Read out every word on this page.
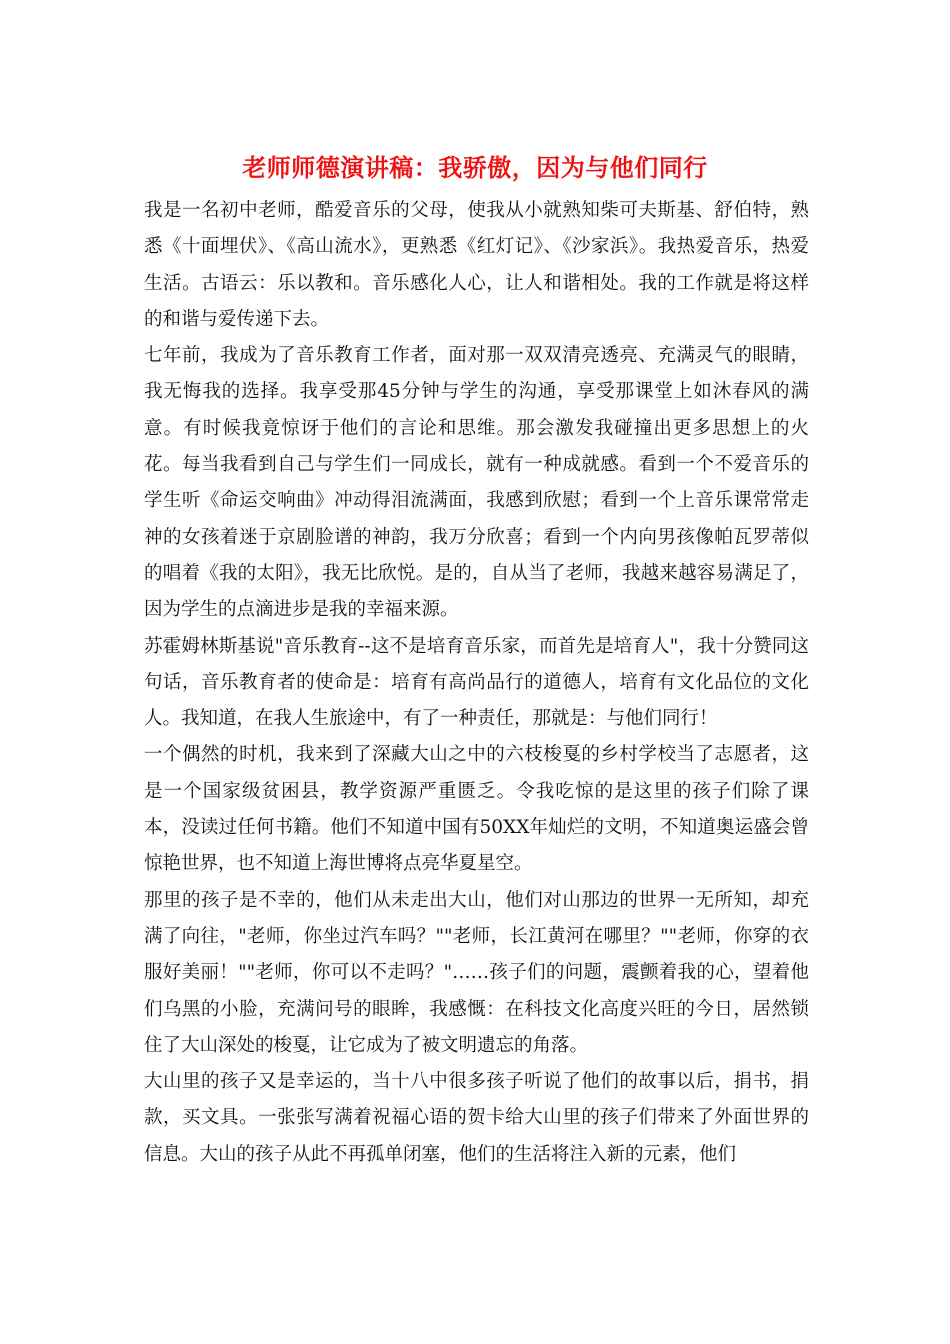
老师师德演讲稿：我骄傲，因为与他们同行

我是一名初中老师，酷爱音乐的父母，使我从小就熟知柴可夫斯基、舒伯特，熟悉《十面埋伏》、《高山流水》，更熟悉《红灯记》、《沙家浜》。我热爱音乐，热爱生活。古语云：乐以教和。音乐感化人心，让人和谐相处。我的工作就是将这样的和谐与爱传递下去。

七年前，我成为了音乐教育工作者，面对那一双双清亮透亮、充满灵气的眼睛，我无悔我的选择。我享受那45分钟与学生的沟通，享受那课堂上如沐春风的满意。有时候我竟惊讶于他们的言论和思维。那会激发我碰撞出更多思想上的火花。每当我看到自己与学生们一同成长，就有一种成就感。看到一个不爱音乐的学生听《命运交响曲》冲动得泪流满面，我感到欣慰；看到一个上音乐课常常走神的女孩着迷于京剧脸谱的神韵，我万分欣喜；看到一个内向男孩像帕瓦罗蒂似的唱着《我的太阳》，我无比欣悦。是的，自从当了老师，我越来越容易满足了，因为学生的点滴进步是我的幸福来源。

苏霍姆林斯基说"音乐教育--这不是培育音乐家，而首先是培育人"，我十分赞同这句话，音乐教育者的使命是：培育有高尚品行的道德人，培育有文化品位的文化人。我知道，在我人生旅途中，有了一种责任，那就是：与他们同行！

一个偶然的时机，我来到了深藏大山之中的六枝梭戛的乡村学校当了志愿者，这是一个国家级贫困县，教学资源严重匮乏。令我吃惊的是这里的孩子们除了课本，没读过任何书籍。他们不知道中国有50XX年灿烂的文明，不知道奥运盛会曾惊艳世界，也不知道上海世博将点亮华夏星空。

那里的孩子是不幸的，他们从未走出大山，他们对山那边的世界一无所知，却充满了向往，"老师，你坐过汽车吗？""老师，长江黄河在哪里？""老师，你穿的衣服好美丽！""老师，你可以不走吗？"……孩子们的问题，震颤着我的心，望着他们乌黑的小脸，充满问号的眼眸，我感慨：在科技文化高度兴旺的今日，居然锁住了大山深处的梭戛，让它成为了被文明遗忘的角落。

大山里的孩子又是幸运的，当十八中很多孩子听说了他们的故事以后，捐书，捐款，买文具。一张张写满着祝福心语的贺卡给大山里的孩子们带来了外面世界的信息。大山的孩子从此不再孤单闭塞，他们的生活将注入新的元素，他们
